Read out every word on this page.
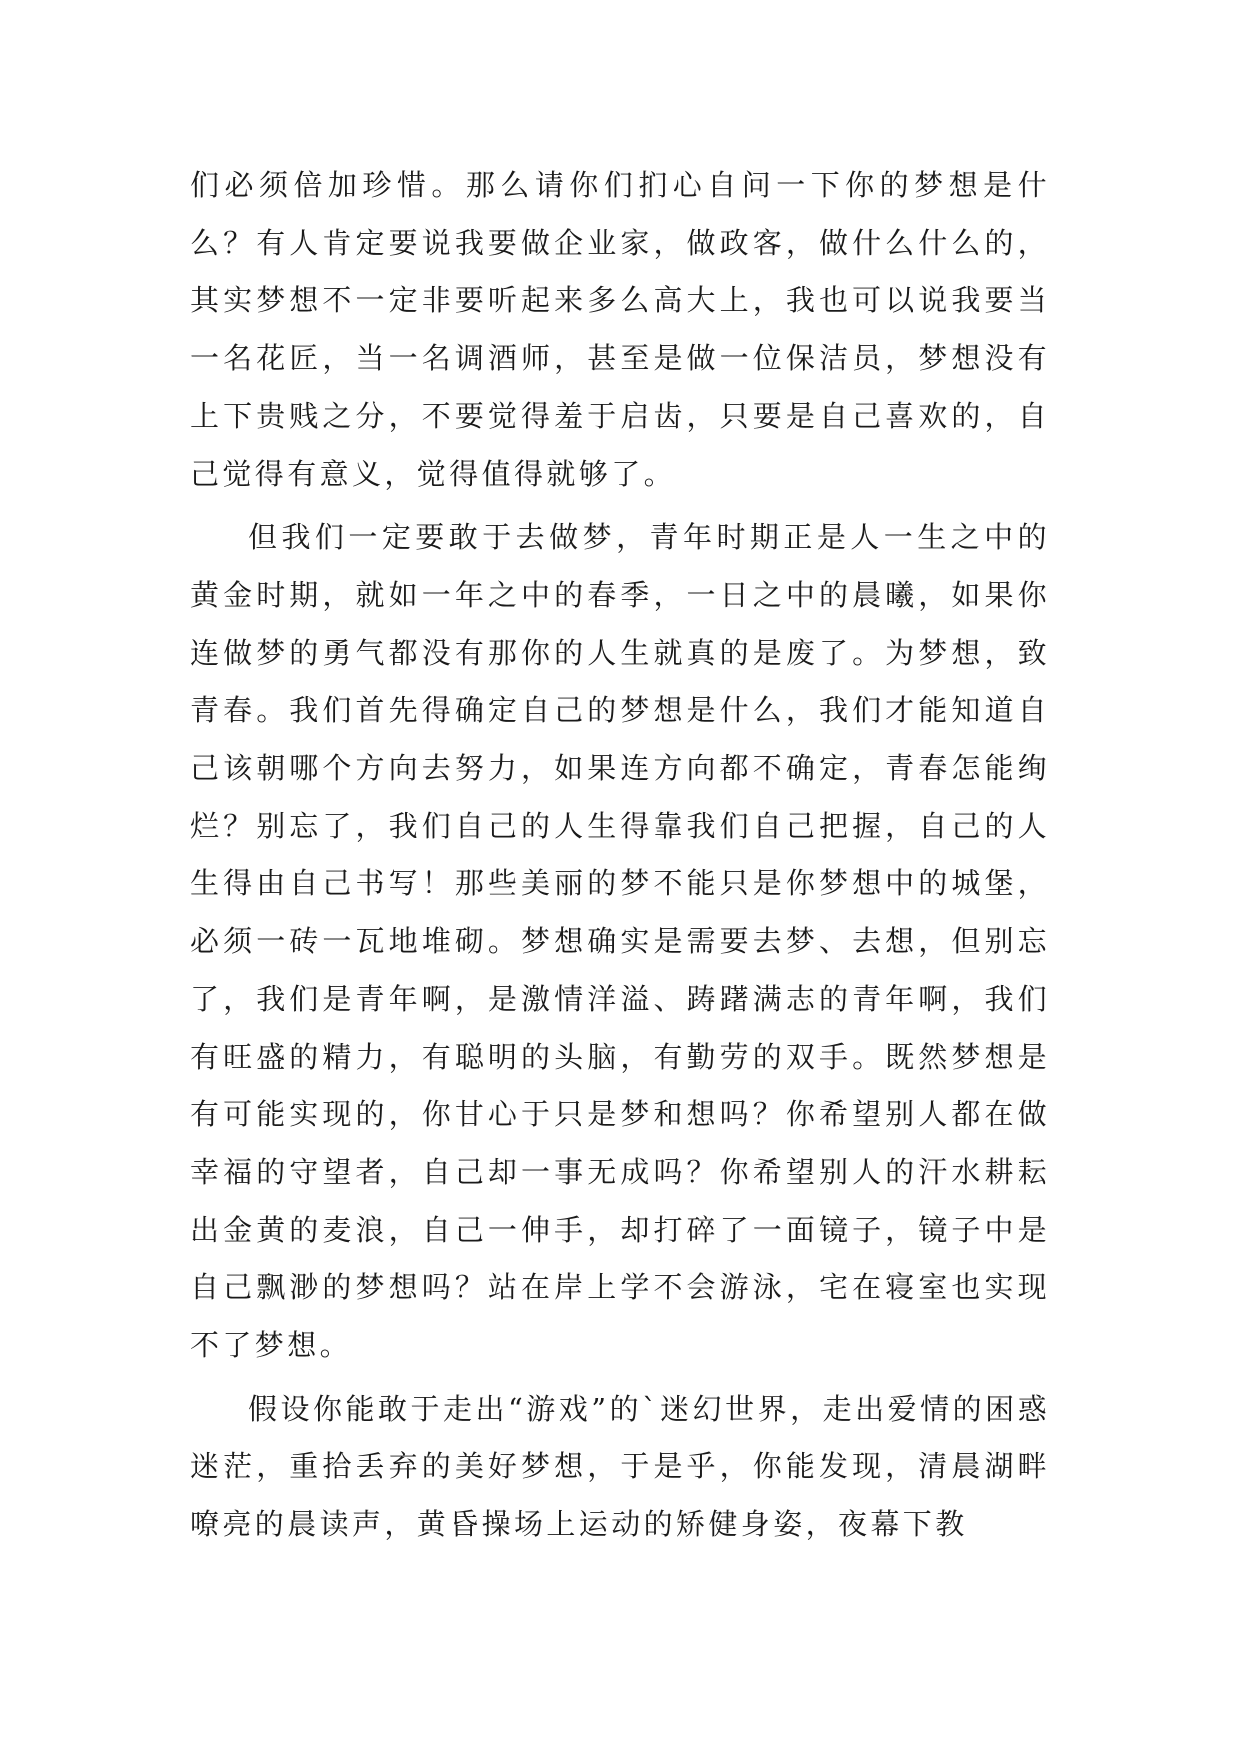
们必须倍加珍惜。那么请你们扪心自问一下你的梦想是什么？有人肯定要说我要做企业家，做政客，做什么什么的，其实梦想不一定非要听起来多么高大上，我也可以说我要当一名花匠，当一名调酒师，甚至是做一位保洁员，梦想没有上下贵贱之分，不要觉得羞于启齿，只要是自己喜欢的，自己觉得有意义，觉得值得就够了。

但我们一定要敢于去做梦，青年时期正是人一生之中的黄金时期，就如一年之中的春季，一日之中的晨曦，如果你连做梦的勇气都没有那你的人生就真的是废了。为梦想，致青春。我们首先得确定自己的梦想是什么，我们才能知道自己该朝哪个方向去努力，如果连方向都不确定，青春怎能绚烂？别忘了，我们自己的人生得靠我们自己把握，自己的人生得由自己书写！那些美丽的梦不能只是你梦想中的城堡，必须一砖一瓦地堆砌。梦想确实是需要去梦、去想，但别忘了，我们是青年啊，是激情洋溢、踌躇满志的青年啊，我们有旺盛的精力，有聪明的头脑，有勤劳的双手。既然梦想是有可能实现的，你甘心于只是梦和想吗？你希望别人都在做幸福的守望者，自己却一事无成吗？你希望别人的汗水耕耘出金黄的麦浪，自己一伸手，却打碎了一面镜子，镜子中是自己飘渺的梦想吗？站在岸上学不会游泳，宅在寝室也实现不了梦想。

假设你能敢于走出“游戏”的`迷幻世界，走出爱情的困惑迷茫，重拾丢弃的美好梦想，于是乎，你能发现，清晨湖畔嘹亮的晨读声，黄昏操场上运动的矫健身姿，夜幕下教
